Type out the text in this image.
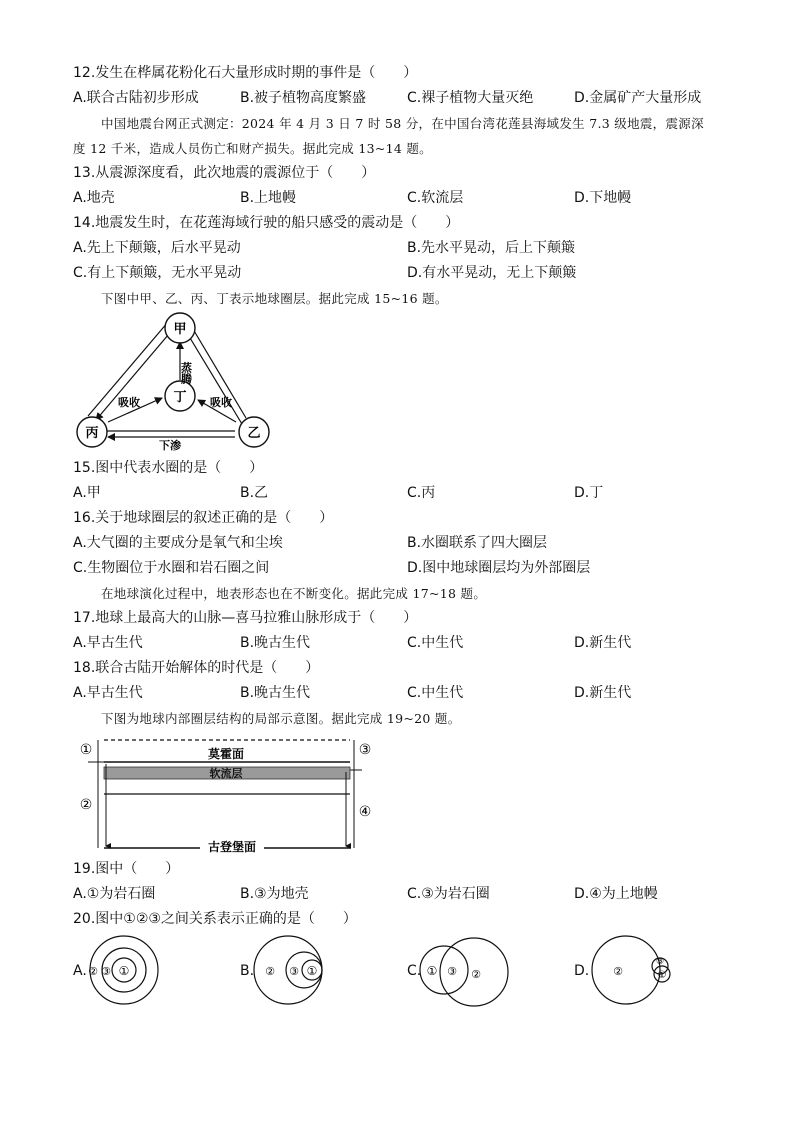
12.发生在桦属花粉化石大量形成时期的事件是（　　）
A.联合古陆初步形成	B.被子植物高度繁盛	C.裸子植物大量灭绝	D.金属矿产大量形成
中国地震台网正式测定：2024 年 4 月 3 日 7 时 58 分，在中国台湾花莲县海域发生 7.3 级地震，震源深
度 12 千米，造成人员伤亡和财产损失。据此完成 13~14 题。
13.从震源深度看，此次地震的震源位于（　　）
A.地壳	B.上地幔	C.软流层	D.下地幔
14.地震发生时，在花莲海域行驶的船只感受的震动是（　　）
A.先上下颠簸，后水平晃动	B.先水平晃动，后上下颠簸
C.有上下颠簸，无水平晃动	D.有水平晃动，无上下颠簸
下图中甲、乙、丙、丁表示地球圈层。据此完成 15~16 题。
甲
丁
丙	乙
蒸腾
吸收	吸收
下渗
15.图中代表水圈的是（　　）
A.甲	B.乙	C.丙	D.丁
16.关于地球圈层的叙述正确的是（　　）
A.大气圈的主要成分是氧气和尘埃	B.水圈联系了四大圈层
C.生物圈位于水圈和岩石圈之间	D.图中地球圈层均为外部圈层
在地球演化过程中，地表形态也在不断变化。据此完成 17~18 题。
17.地球上最高大的山脉—喜马拉雅山脉形成于（　　）
A.早古生代	B.晚古生代	C.中生代	D.新生代
18.联合古陆开始解体的时代是（　　）
A.早古生代	B.晚古生代	C.中生代	D.新生代
下图为地球内部圈层结构的局部示意图。据此完成 19~20 题。
莫霍面
软流层
古登堡面
①
②
③
④
19.图中（　　）
A.①为岩石圈	B.③为地壳	C.③为岩石圈	D.④为上地幔
20.图中①②③之间关系表示正确的是（　　）
A.	①
③
②	B.	①
③
②	C. ① ③ ②	D.
③
①
②
